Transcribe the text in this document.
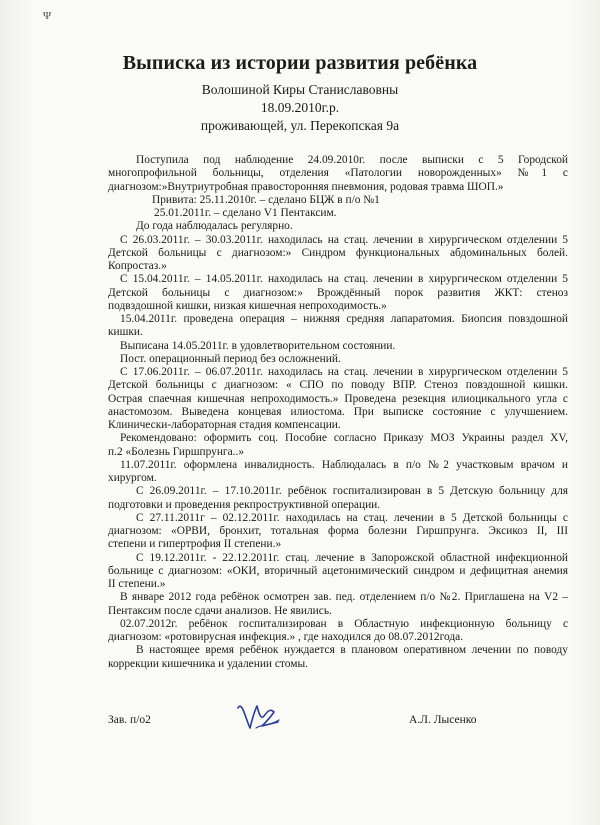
Ψ
Выписка из истории развития ребёнка
Волошиной Киры Станиславовны
18.09.2010г.р.
проживающей, ул. Перекопская 9а

Поступила под наблюдение 24.09.2010г. после выписки с 5 Городской
многопрофильной больницы, отделения «Патологии новорожденных» №1 с
диагнозом:»Внутриутробная правосторонняя пневмония, родовая травма ШОП.»

Привита: 25.11.2010г. – сделано БЦЖ в п/о №1
25.01.2011г. – сделано V1 Пентаксим.

До года наблюдалась регулярно.

С 26.03.2011г. – 30.03.2011г. находилась на стац. лечении в хирургическом отделении 5
Детской больницы с диагнозом:» Синдром функциональных абдоминальных болей.
Копростаз.»

С 15.04.2011г. – 14.05.2011г. находилась на стац. лечении в хирургическом отделении 5
Детской больницы с диагнозом:» Врождённый порок развития ЖКТ: стеноз
подвздошной кишки, низкая кишечная непроходимость.»

15.04.2011г. проведена операция – нижняя средняя лапаратомия. Биопсия повздошной
кишки.

Выписана 14.05.2011г. в удовлетворительном состоянии.

Пост. операционный период без осложнений.

С 17.06.2011г. – 06.07.2011г. находилась на стац. лечении в хирургическом отделении 5
Детской больницы с диагнозом: « СПО по поводу ВПР. Стеноз повздошной кишки.
Острая спаечная кишечная непроходимость.» Проведена резекция илиоцикального угла с
анастомозом. Выведена концевая илиостома. При выписке состояние с улучшением.
Клинически-лабораторная стадия компенсации.

Рекомендовано: оформить соц. Пособие согласно Приказу МОЗ Украины раздел XV,
п.2 «Болезнь Гиршпрунга..»

11.07.2011г. оформлена инвалидность. Наблюдалась в п/о №2 участковым врачом и
хирургом.

С 26.09.2011г. – 17.10.2011г. ребёнок госпитализирован в 5 Детскую больницу для
подготовки и проведения рекпроструктивной операции.

С 27.11.2011г – 02.12.2011г. находилась на стац. лечении в 5 Детской больницы с
диагнозом: «ОРВИ, бронхит, тотальная форма болезни Гиршпрунга. Эксикоз II, III
степени и гипертрофия II степени.»

С 19.12.2011г. - 22.12.2011г. стац. лечение в Запорожской областной инфекционной
больнице с диагнозом: «ОКИ, вторичный ацетонимический синдром и дефицитная анемия
II степени.»

В январе 2012 года ребёнок осмотрен зав. пед. отделением п/о №2. Приглашена на V2 –
Пентаксим после сдачи анализов. Не явились.

02.07.2012г. ребёнок госпитализирован в Областную инфекционную больницу с
диагнозом: «ротовирусная инфекция.» , где находился до 08.07.2012года.

В настоящее время ребёнок нуждается в плановом оперативном лечении по поводу
коррекции кишечника и удалении стомы.

Зав. п/о2	А.Л. Лысенко
